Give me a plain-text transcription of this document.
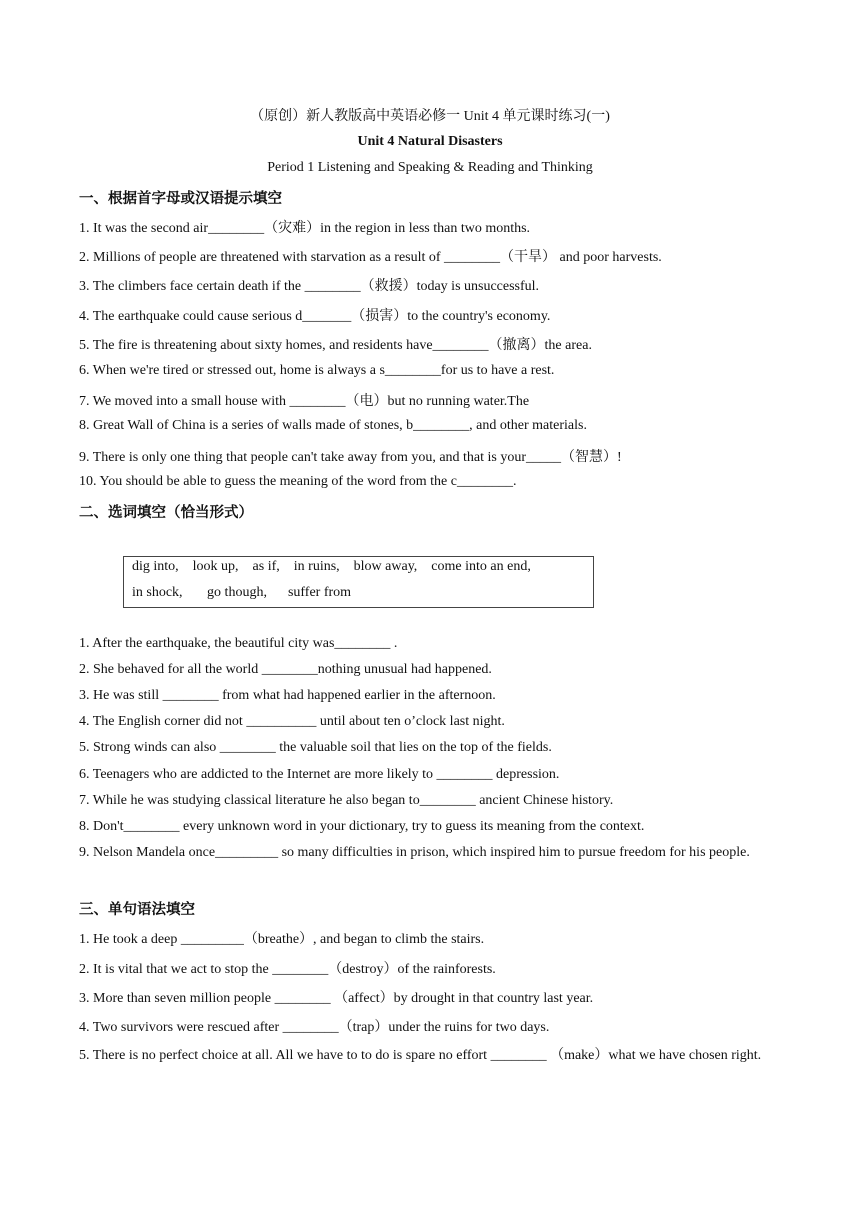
（原创）新人教版高中英语必修一 Unit 4 单元课时练习(一)
Unit 4 Natural Disasters
Period 1 Listening and Speaking & Reading and Thinking
一、根据首字母或汉语提示填空
1. It was the second air________（灾难）in the region in less than two months.
2. Millions of people are threatened with starvation as a result of ________（干旱） and poor harvests.
3. The climbers face certain death if the ________（救援）today is unsuccessful.
4. The earthquake could cause serious d_______（损害）to the country's economy.
5. The fire is threatening about sixty homes, and residents have________（撤离）the area.
6. When we're tired or stressed out, home is always a s________for us to have a rest.
7. We moved into a small house with ________（电）but no running water.The
8. Great Wall of China is a series of walls made of stones, b________, and other materials.
9. There is only one thing that people can't take away from you, and that is your_____（智慧）!
10. You should be able to guess the meaning of the word from the c________.
二、选词填空（恰当形式）
dig into,    look up,    as if,    in ruins,    blow away,    come into an end,
in shock,       go though,      suffer from
1. After the earthquake, the beautiful city was________ .
2. She behaved for all the world ________nothing unusual had happened.
3. He was still ________ from what had happened earlier in the afternoon.
4. The English corner did not __________ until about ten o’clock last night.
5. Strong winds can also ________ the valuable soil that lies on the top of the fields.
6. Teenagers who are addicted to the Internet are more likely to ________ depression.
7. While he was studying classical literature he also began to________ ancient Chinese history.
8. Don't________ every unknown word in your dictionary, try to guess its meaning from the context.
9. Nelson Mandela once_________ so many difficulties in prison, which inspired him to pursue freedom for his people.
三、单句语法填空
1. He took a deep _________（breathe）, and began to climb the stairs.
2. It is vital that we act to stop the ________（destroy）of the rainforests.
3. More than seven million people ________ （affect）by drought in that country last year.
4. Two survivors were rescued after ________（trap）under the ruins for two days.
5. There is no perfect choice at all. All we have to to do is spare no effort ________ （make）what we have chosen right.
